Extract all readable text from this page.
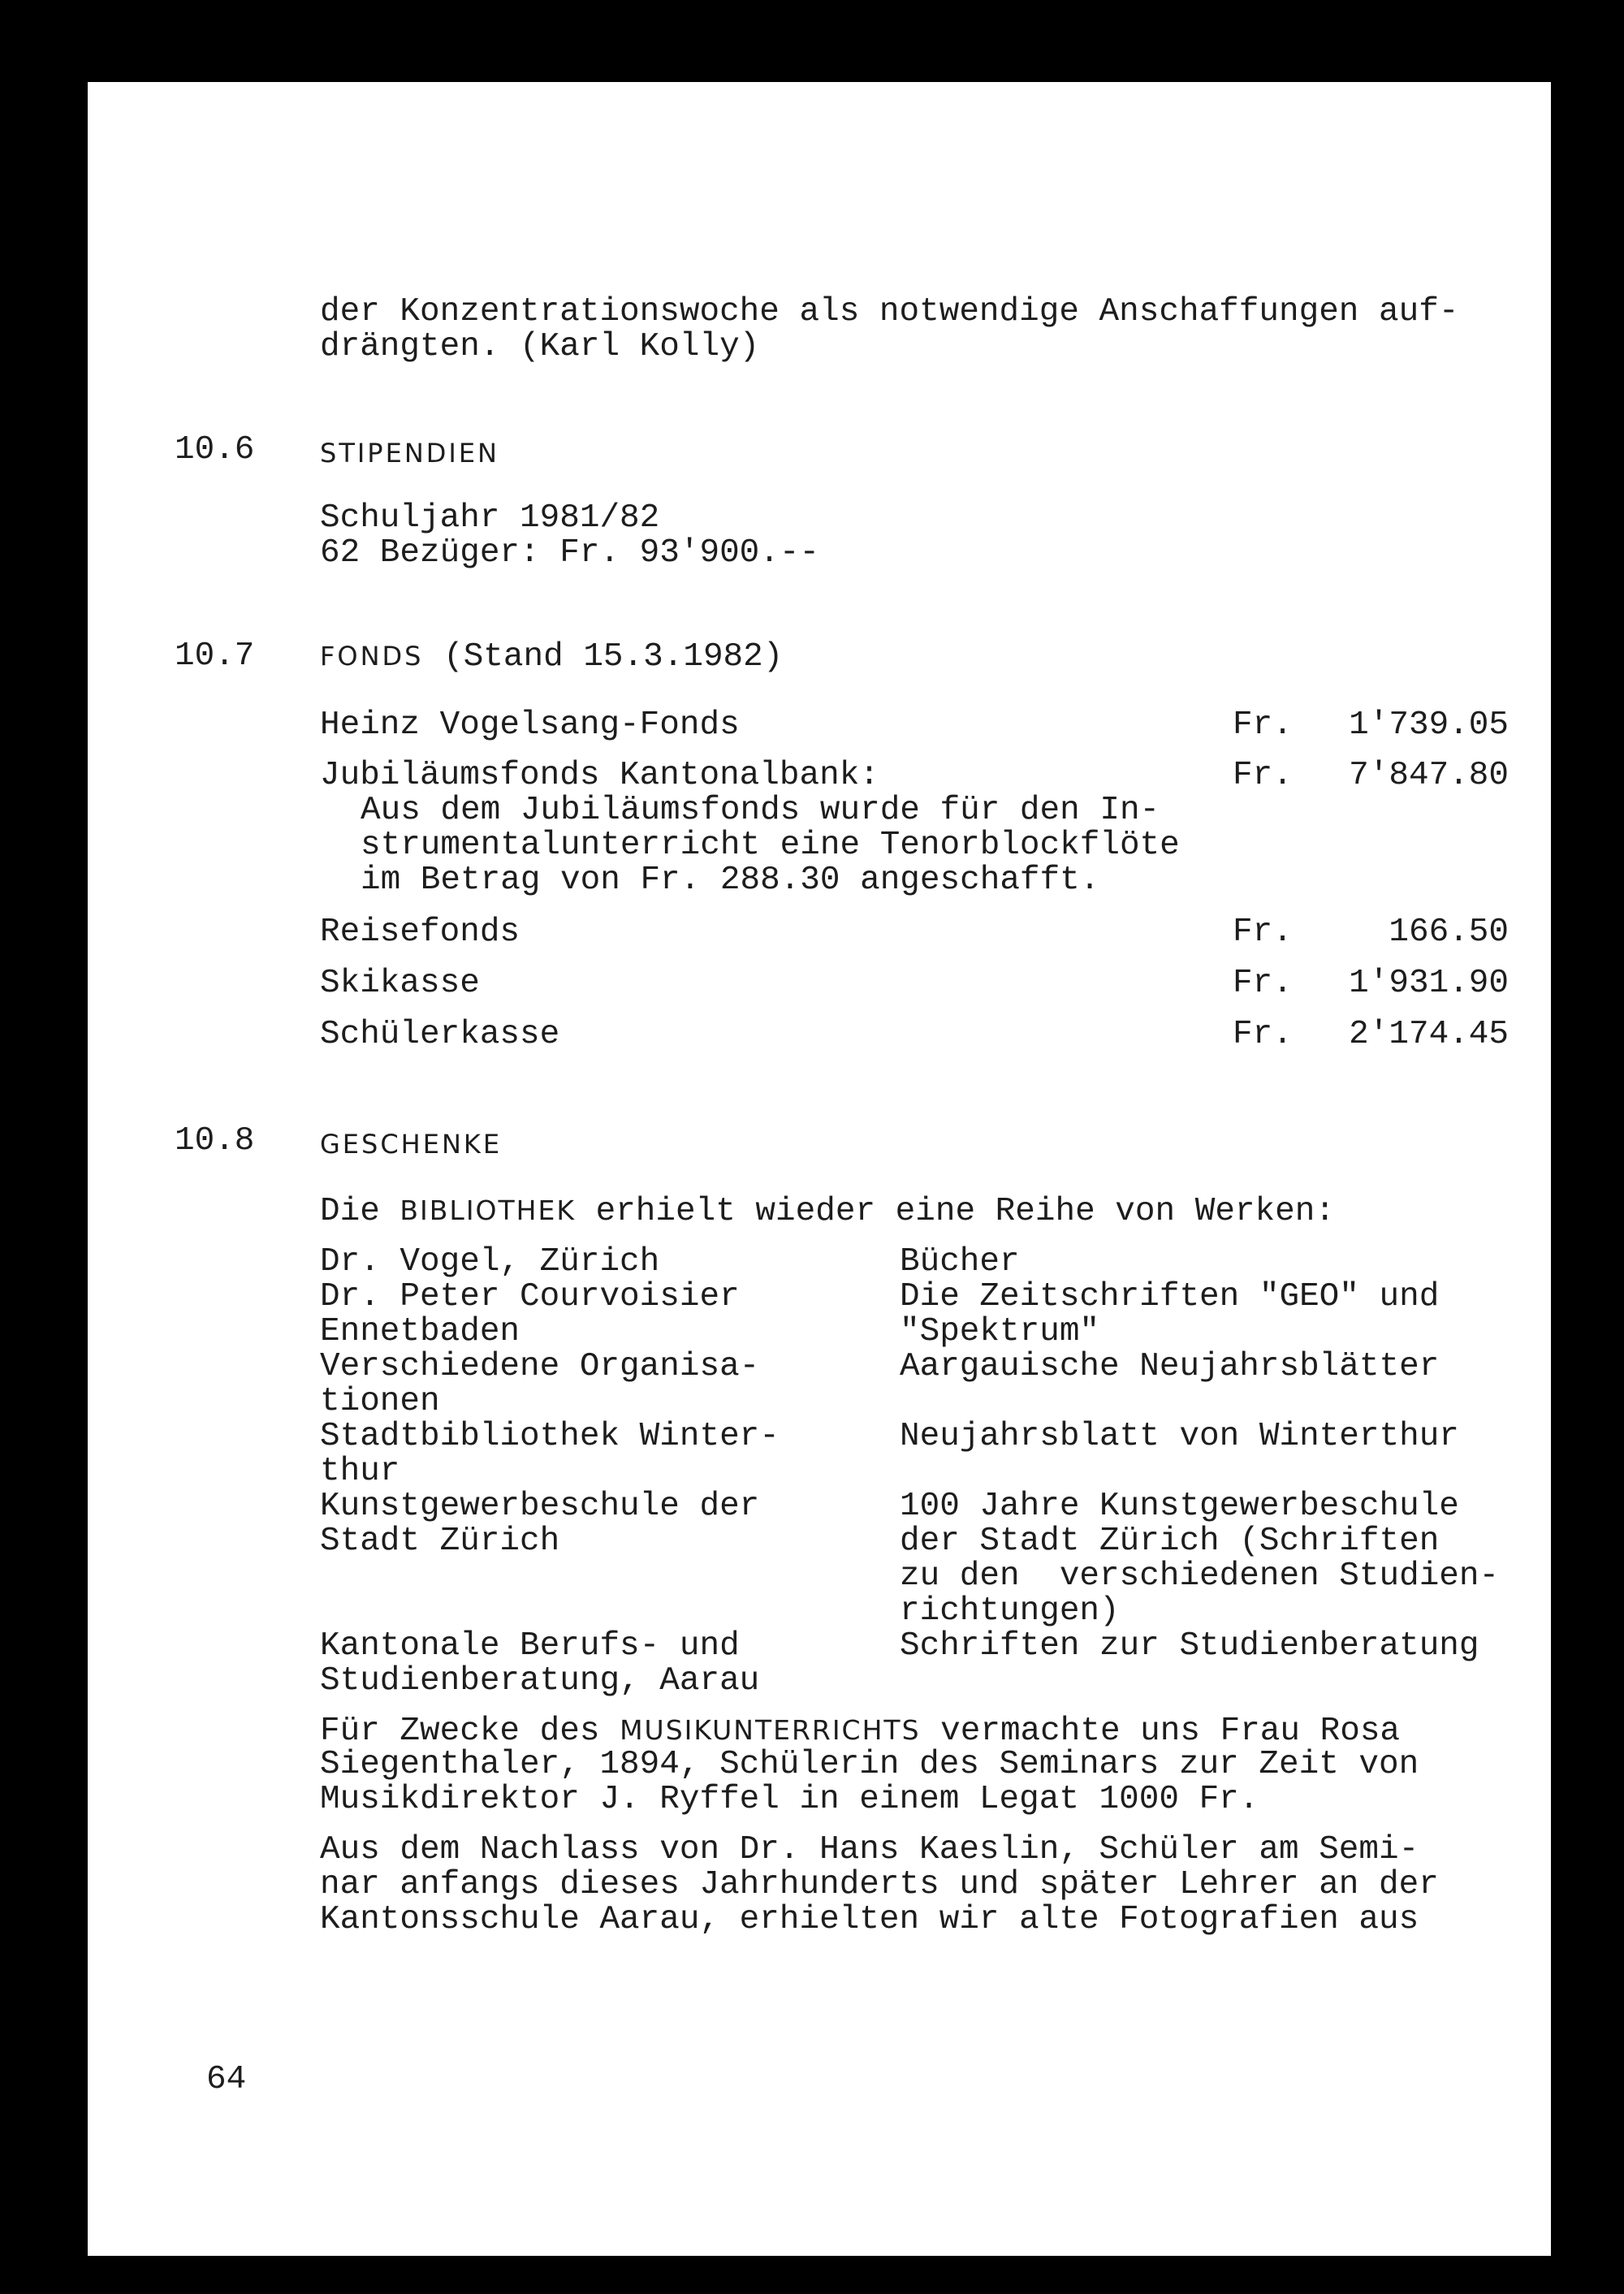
der Konzentrationswoche als notwendige Anschaffungen auf-
drängten. (Karl Kolly)
10.6	STIPENDIEN
Schuljahr 1981/82
62 Bezüger: Fr. 93'900.--
10.7	FONDS (Stand 15.3.1982)
Heinz Vogelsang-Fonds	Fr.	1'739.05
Jubiläumsfonds Kantonalbank:	Fr.	7'847.80
Aus dem Jubiläumsfonds wurde für den In-
strumentalunterricht eine Tenorblockflöte
im Betrag von Fr. 288.30 angeschafft.
Reisefonds	Fr.	166.50
Skikasse	Fr.	1'931.90
Schülerkasse	Fr.	2'174.45
10.8	GESCHENKE
Die BIBLIOTHEK erhielt wieder eine Reihe von Werken:
Dr. Vogel, Zürich	Bücher
Dr. Peter Courvoisier	Die Zeitschriften "GEO" und
Ennetbaden	"Spektrum"
Verschiedene Organisa-	Aargauische Neujahrsblätter
tionen
Stadtbibliothek Winter-	Neujahrsblatt von Winterthur
thur
Kunstgewerbeschule der	100 Jahre Kunstgewerbeschule
Stadt Zürich	der Stadt Zürich (Schriften
zu den  verschiedenen Studien-
richtungen)
Kantonale Berufs- und	Schriften zur Studienberatung
Studienberatung, Aarau
Für Zwecke des MUSIKUNTERRICHTS vermachte uns Frau Rosa
Siegenthaler, 1894, Schülerin des Seminars zur Zeit von
Musikdirektor J. Ryffel in einem Legat 1000 Fr.
Aus dem Nachlass von Dr. Hans Kaeslin, Schüler am Semi-
nar anfangs dieses Jahrhunderts und später Lehrer an der
Kantonsschule Aarau, erhielten wir alte Fotografien aus
64
